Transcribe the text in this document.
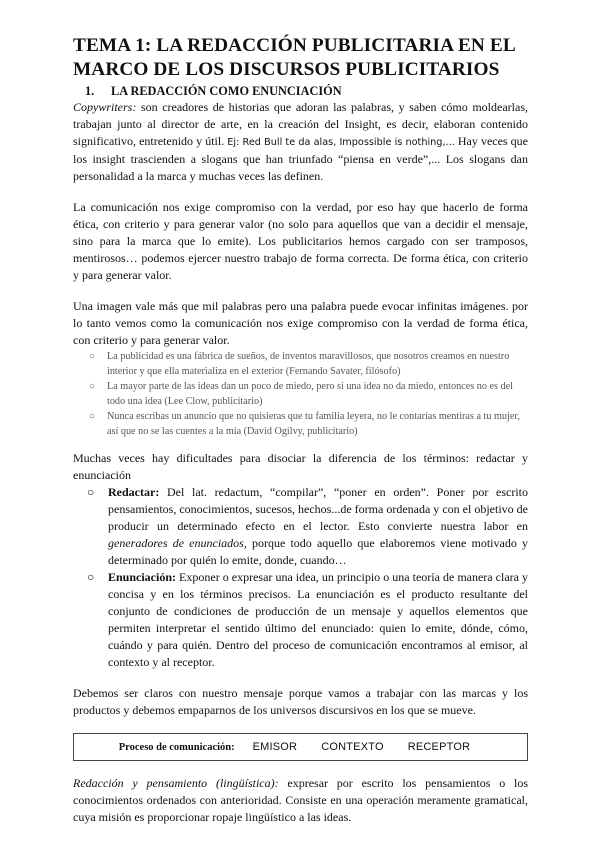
TEMA 1: LA REDACCIÓN PUBLICITARIA EN EL MARCO DE LOS DISCURSOS PUBLICITARIOS
1.	LA REDACCIÓN COMO ENUNCIACIÓN

Copywriters: son creadores de historias que adoran las palabras, y saben cómo moldearlas, trabajan junto al director de arte, en la creación del Insight, es decir, elaboran contenido significativo, entretenido y útil. Ej: Red Bull te da alas, Impossible is nothing,... Hay veces que los insight trascienden a slogans que han triunfado “piensa en verde”,... Los slogans dan personalidad a la marca y muchas veces las definen.

La comunicación nos exige compromiso con la verdad, por eso hay que hacerlo de forma ética, con criterio y para generar valor (no solo para aquellos que van a decidir el mensaje, sino para la marca que lo emite). Los publicitarios hemos cargado con ser tramposos, mentirosos… podemos ejercer nuestro trabajo de forma correcta. De forma ética, con criterio y para generar valor.

Una imagen vale más que mil palabras pero una palabra puede evocar infinitas imágenes. por lo tanto vemos como la comunicación nos exige compromiso con la verdad de forma ética, con criterio y para generar valor.

○ La publicidad es una fábrica de sueños, de inventos maravillosos, que nosotros creamos en nuestro interior y que ella materializa en el exterior (Fernando Savater, filósofo)
○ La mayor parte de las ideas dan un poco de miedo, pero si una idea no da miedo, entonces no es del todo una idea (Lee Clow, publicitario)
○ Nunca escribas un anuncio que no quisieras que tu familia leyera, no le contarías mentiras a tu mujer, así que no se las cuentes a la mía (David Ogilvy, publicitario)

Muchas veces hay dificultades para disociar la diferencia de los términos: redactar y enunciación

○ Redactar: Del lat. redactum, “compilar”, “poner en orden”. Poner por escrito pensamientos, conocimientos, sucesos, hechos...de forma ordenada y con el objetivo de producir un determinado efecto en el lector. Esto convierte nuestra labor en generadores de enunciados, porque todo aquello que elaboremos viene motivado y determinado por quién lo emite, donde, cuando…
○ Enunciación: Exponer o expresar una idea, un principio o una teoría de manera clara y concisa y en los términos precisos. La enunciación es el producto resultante del conjunto de condiciones de producción de un mensaje y aquellos elementos que permiten interpretar el sentido último del enunciado: quien lo emite, dónde, cómo, cuándo y para quién. Dentro del proceso de comunicación encontramos al emisor, al contexto y al receptor.

Debemos ser claros con nuestro mensaje porque vamos a trabajar con las marcas y los productos y debemos empaparnos de los universos discursivos en los que se mueve.

Proceso de comunicación: EMISOR CONTEXTO RECEPTOR

Redacción y pensamiento (lingüística): expresar por escrito los pensamientos o los conocimientos ordenados con anterioridad. Consiste en una operación meramente gramatical, cuya misión es proporcionar ropaje lingüístico a las ideas.
